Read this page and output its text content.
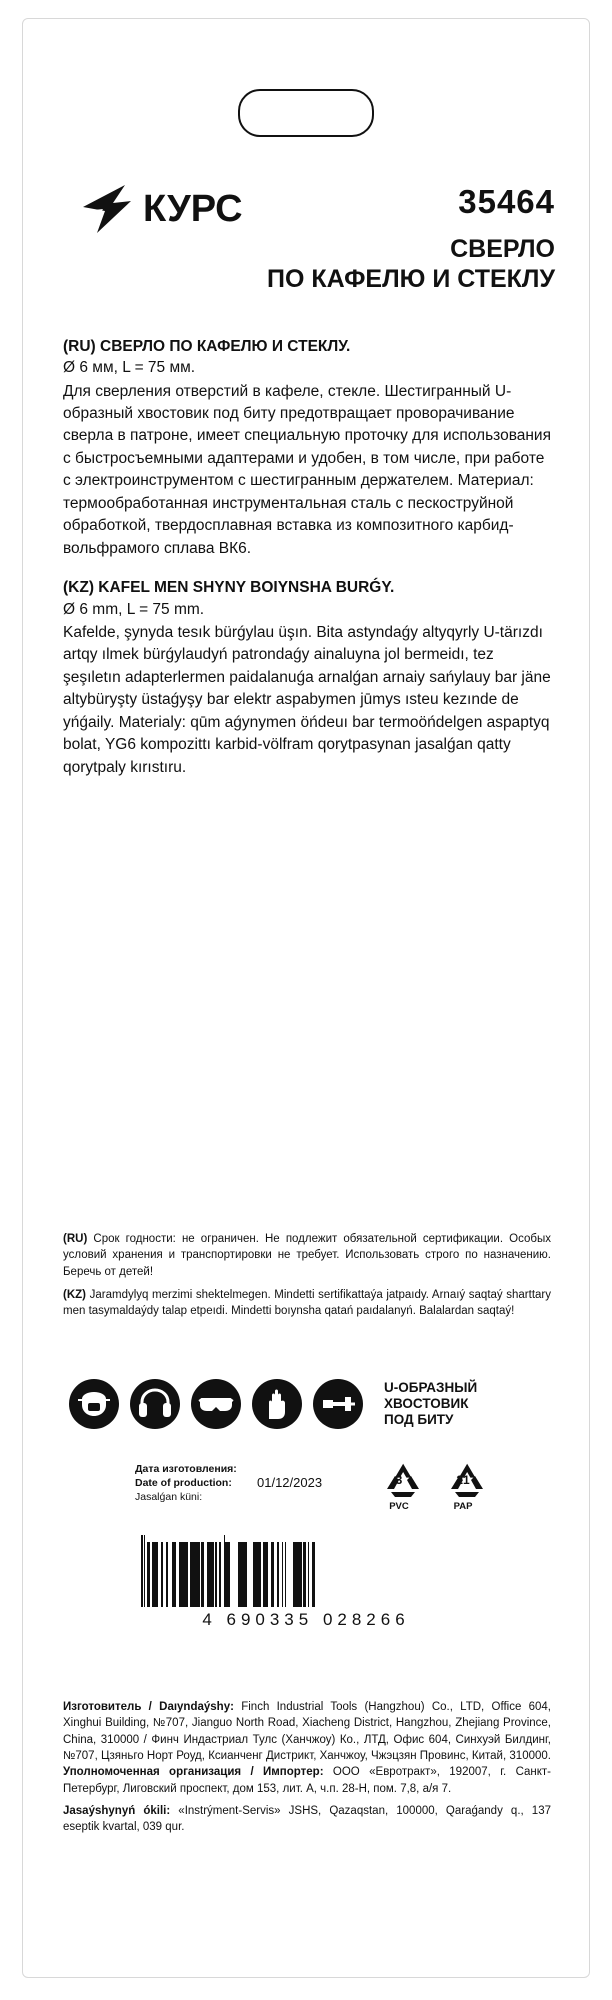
КУРС	35464
СВЕРЛО
ПО КАФЕЛЮ И СТЕКЛУ

(RU) СВЕРЛО ПО КАФЕЛЮ И СТЕКЛУ.

Ø 6 мм, L = 75 мм.

Для сверления отверстий в кафеле, стекле. Шестигранный U-образный хвостовик под биту предотвращает проворачивание сверла в патроне, имеет специальную проточку для использования с быстросъемными адаптерами и удобен, в том числе, при работе с электроинструментом с шестигранным держателем. Материал: термообработанная инструментальная сталь с пескоструйной обработкой, твердосплавная вставка из композитного карбид-вольфрамого сплава ВК6.

(KZ) KAFEL MEN SHYNY BOIYNSHA BURǴY.

Ø 6 mm, L = 75 mm.

Kafelde, şynyda tesık bürǵylau üşın. Bita astyndaǵy altyqyrly U-tärızdı artqy ılmek bürǵylaudyń patrondaǵy ainaluyna jol bermeidı, tez şeşıletın adapterlermen paidalanuǵa arnalǵan arnaiy sańylauy bar jäne altybüryşty üstaǵyşy bar elektr aspabymen jūmys ısteu kezınde de yńǵaily. Materialy: qūm aǵynymen öńdeuı bar termoöńdelgen aspaptyq bolat, YG6 kompozittı karbid-völfram qorytpasynan jasalǵan qatty qorytpaly kırıstıru.

(RU) Срок годности: не ограничен. Не подлежит обязательной сертификации. Особых условий хранения и транспортировки не требует. Использовать строго по назначению. Беречь от детей!

(KZ) Jaramdylyq merzimi shektelmegen. Mindetti sertifikattaýa jatpaıdy. Arnaıý saqtaý sharttary men tasymaldaýdy talap etpeıdi. Mindetti boıynsha qatań paıdalanyń. Balalardan saqtaý!

U-ОБРАЗНЫЙ
ХВОСТОВИК
ПОД БИТУ
Дата изготовления:
Date of production:
Jasalǵan küni:
01/12/2023	3
PVC
21
PAP
4 690335 028266

Изготовитель / Daıyndaýshy: Finch Industrial Tools (Hangzhou) Co., LTD, Office 604, Xinghui Building, №707, Jianguo North Road, Xiacheng District, Hangzhou, Zhejiang Province, China, 310000 / Финч Индастриал Тулс (Ханчжоу) Ко., ЛТД, Офис 604, Синхуэй Билдинг, №707, Цзяньго Норт Роуд, Ксианченг Дистрикт, Ханчжоу, Чжэцзян Провинс, Китай, 310000. Уполномоченная организация / Импортер: ООО «Евротракт», 192007, г. Санкт-Петербург, Лиговский проспект, дом 153, лит. А, ч.п. 28-Н, пом. 7,8, а/я 7.

Jasaýshynyń ókili: «Instrýment-Servis» JSHS, Qazaqstan, 100000, Qaraǵandy q., 137 eseptik kvartal, 039 qur.
